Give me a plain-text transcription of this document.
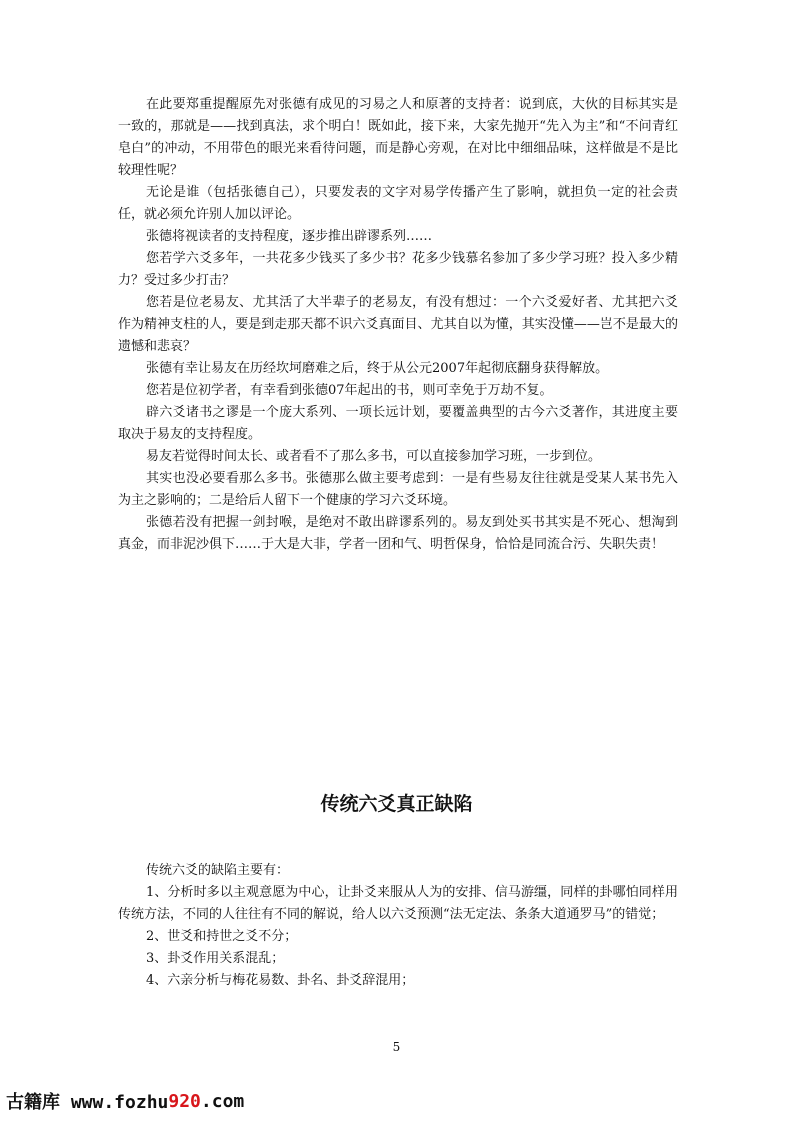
在此要郑重提醒原先对张德有成见的习易之人和原著的支持者：说到底，大伙的目标其实是一致的，那就是——找到真法，求个明白！既如此，接下来，大家先抛开“先入为主”和“不问青红皂白”的冲动，不用带色的眼光来看待问题，而是静心旁观，在对比中细细品味，这样做是不是比较理性呢？

无论是谁（包括张德自己），只要发表的文字对易学传播产生了影响，就担负一定的社会责任，就必须允许别人加以评论。

张德将视读者的支持程度，逐步推出辟谬系列……

您若学六爻多年，一共花多少钱买了多少书？花多少钱慕名参加了多少学习班？投入多少精力？受过多少打击？

您若是位老易友、尤其活了大半辈子的老易友，有没有想过：一个六爻爱好者、尤其把六爻作为精神支柱的人，要是到走那天都不识六爻真面目、尤其自以为懂，其实没懂——岂不是最大的遗憾和悲哀？

张德有幸让易友在历经坎坷磨难之后，终于从公元2007年起彻底翻身获得解放。

您若是位初学者，有幸看到张德07年起出的书，则可幸免于万劫不复。

辟六爻诸书之谬是一个庞大系列、一项长远计划，要覆盖典型的古今六爻著作，其进度主要取决于易友的支持程度。

易友若觉得时间太长、或者看不了那么多书，可以直接参加学习班，一步到位。

其实也没必要看那么多书。张德那么做主要考虑到：一是有些易友往往就是受某人某书先入为主之影响的；二是给后人留下一个健康的学习六爻环境。

张德若没有把握一剑封喉，是绝对不敢出辟谬系列的。易友到处买书其实是不死心、想淘到真金，而非泥沙俱下……于大是大非，学者一团和气、明哲保身，恰恰是同流合污、失职失责！

传统六爻真正缺陷

传统六爻的缺陷主要有：

1、分析时多以主观意愿为中心，让卦爻来服从人为的安排、信马游缰，同样的卦哪怕同样用传统方法，不同的人往往有不同的解说，给人以六爻预测“法无定法、条条大道通罗马”的错觉；

2、世爻和持世之爻不分；

3、卦爻作用关系混乱；

4、六亲分析与梅花易数、卦名、卦爻辞混用；

5
古籍库 www.fozhu 920 .com
